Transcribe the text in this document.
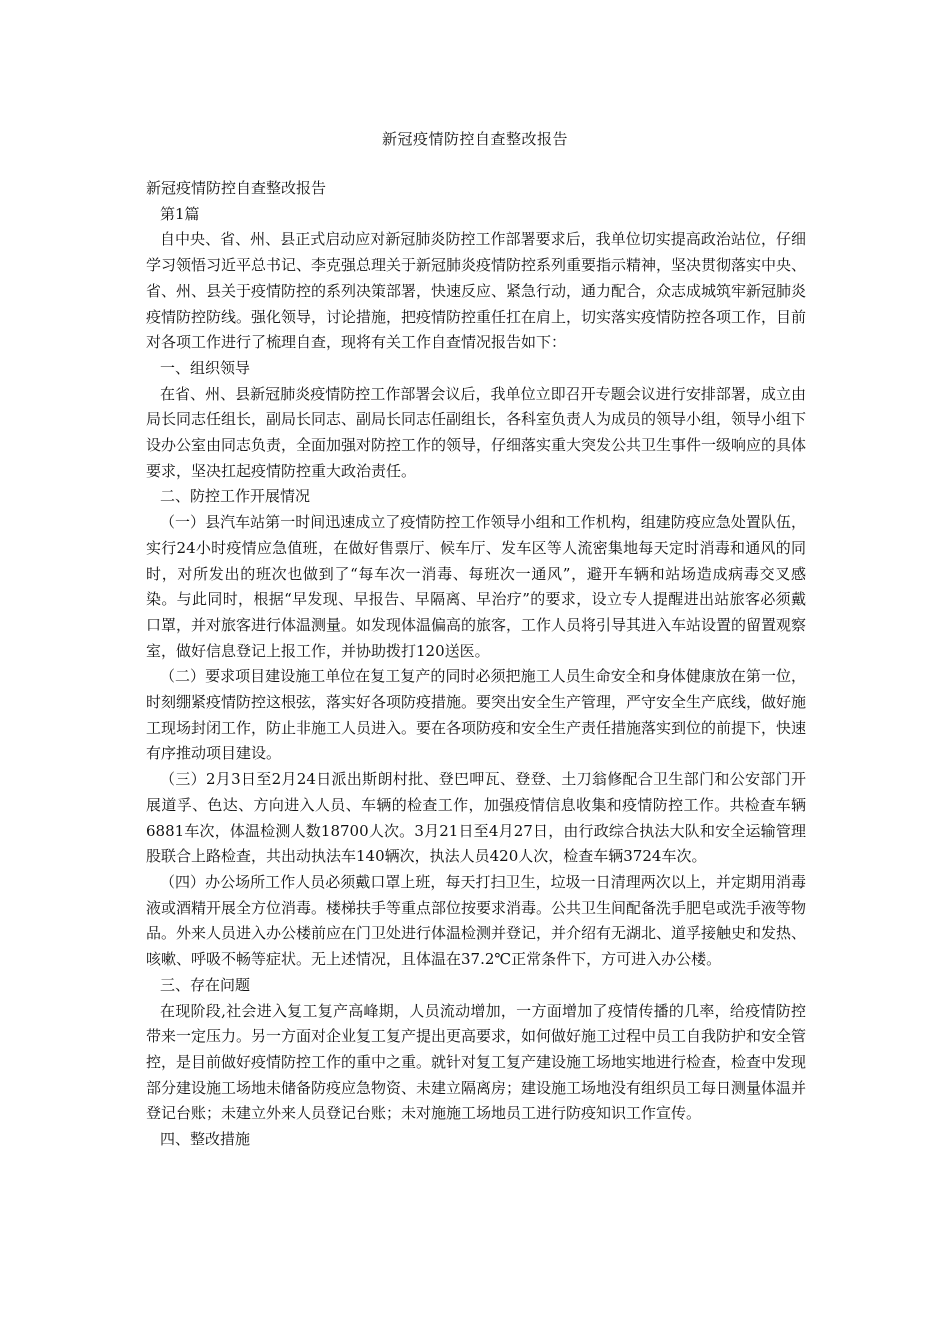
新冠疫情防控自查整改报告

新冠疫情防控自查整改报告

第1篇

自中央、省、州、县正式启动应对新冠肺炎防控工作部署要求后，我单位切实提高政治站位，仔细学习领悟习近平总书记、李克强总理关于新冠肺炎疫情防控系列重要指示精神，坚决贯彻落实中央、省、州、县关于疫情防控的系列决策部署，快速反应、紧急行动，通力配合，众志成城筑牢新冠肺炎疫情防控防线。强化领导，讨论措施，把疫情防控重任扛在肩上，切实落实疫情防控各项工作，目前对各项工作进行了梳理自查，现将有关工作自查情况报告如下：

一、组织领导

在省、州、县新冠肺炎疫情防控工作部署会议后，我单位立即召开专题会议进行安排部署，成立由局长同志任组长，副局长同志、副局长同志任副组长，各科室负责人为成员的领导小组，领导小组下设办公室由同志负责，全面加强对防控工作的领导，仔细落实重大突发公共卫生事件一级响应的具体要求，坚决扛起疫情防控重大政治责任。

二、防控工作开展情况

（一）县汽车站第一时间迅速成立了疫情防控工作领导小组和工作机构，组建防疫应急处置队伍，实行24小时疫情应急值班，在做好售票厅、候车厅、发车区等人流密集地每天定时消毒和通风的同时，对所发出的班次也做到了“每车次一消毒、每班次一通风”，避开车辆和站场造成病毒交叉感染。与此同时，根据“早发现、早报告、早隔离、早治疗”的要求，设立专人提醒进出站旅客必须戴口罩，并对旅客进行体温测量。如发现体温偏高的旅客，工作人员将引导其进入车站设置的留置观察室，做好信息登记上报工作，并协助拨打120送医。

（二）要求项目建设施工单位在复工复产的同时必须把施工人员生命安全和身体健康放在第一位，时刻绷紧疫情防控这根弦，落实好各项防疫措施。要突出安全生产管理，严守安全生产底线，做好施工现场封闭工作，防止非施工人员进入。要在各项防疫和安全生产责任措施落实到位的前提下，快速有序推动项目建设。

（三）2月3日至2月24日派出斯朗村批、登巴呷瓦、登登、土刀翁修配合卫生部门和公安部门开展道孚、色达、方向进入人员、车辆的检查工作，加强疫情信息收集和疫情防控工作。共检查车辆6881车次，体温检测人数18700人次。3月21日至4月27日，由行政综合执法大队和安全运输管理股联合上路检查，共出动执法车140辆次，执法人员420人次，检查车辆3724车次。

（四）办公场所工作人员必须戴口罩上班，每天打扫卫生，垃圾一日清理两次以上，并定期用消毒液或酒精开展全方位消毒。楼梯扶手等重点部位按要求消毒。公共卫生间配备洗手肥皂或洗手液等物品。外来人员进入办公楼前应在门卫处进行体温检测并登记，并介绍有无湖北、道孚接触史和发热、咳嗽、呼吸不畅等症状。无上述情况，且体温在37.2℃正常条件下，方可进入办公楼。

三、存在问题

在现阶段,社会进入复工复产高峰期，人员流动增加，一方面增加了疫情传播的几率，给疫情防控带来一定压力。另一方面对企业复工复产提出更高要求，如何做好施工过程中员工自我防护和安全管控，是目前做好疫情防控工作的重中之重。就针对复工复产建设施工场地实地进行检查，检查中发现部分建设施工场地未储备防疫应急物资、未建立隔离房；建设施工场地没有组织员工每日测量体温并登记台账；未建立外来人员登记台账；未对施施工场地员工进行防疫知识工作宣传。

四、整改措施
